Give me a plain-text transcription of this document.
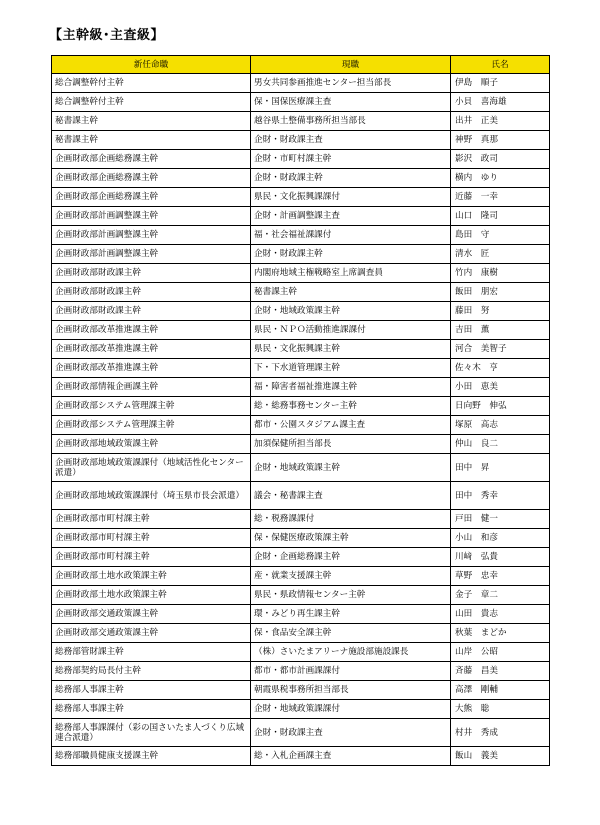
【主幹級･主査級】
新任命職	現職	氏名
総合調整幹付主幹	男女共同参画推進センター担当部長	伊島　順子
総合調整幹付主幹	保・国保医療課主査	小貝　喜海雄
秘書課主幹	越谷県土整備事務所担当部長	出井　正美
秘書課主幹	企財・財政課主査	神野　真那
企画財政部企画総務課主幹	企財・市町村課主幹	影沢　政司
企画財政部企画総務課主幹	企財・財政課主幹	横内　ゆり
企画財政部企画総務課主幹	県民・文化振興課課付	近藤　一幸
企画財政部計画調整課主幹	企財・計画調整課主査	山口　隆司
企画財政部計画調整課主幹	福・社会福祉課課付	島田　守
企画財政部計画調整課主幹	企財・財政課主幹	清水　匠
企画財政部財政課主幹	内閣府地域主権戦略室上席調査員	竹内　康樹
企画財政部財政課主幹	秘書課主幹	飯田　朋宏
企画財政部財政課主幹	企財・地域政策課主幹	藤田　努
企画財政部改革推進課主幹	県民・ＮＰＯ活動推進課課付	吉田　薫
企画財政部改革推進課主幹	県民・文化振興課主幹	河合　美智子
企画財政部改革推進課主幹	下・下水道管理課主幹	佐々木　亨
企画財政部情報企画課主幹	福・障害者福祉推進課主幹	小田　恵美
企画財政部システム管理課主幹	総・総務事務センター主幹	日向野　伸弘
企画財政部システム管理課主幹	都市・公園スタジアム課主査	塚原　高志
企画財政部地域政策課主幹	加須保健所担当部長	仲山　良二
企画財政部地域政策課課付（地域活性化センター派遣）	企財・地域政策課主幹	田中　昇
企画財政部地域政策課課付（埼玉県市長会派遣）	議会・秘書課主査	田中　秀幸
企画財政部市町村課主幹	総・税務課課付	戸田　健一
企画財政部市町村課主幹	保・保健医療政策課主幹	小山　和彦
企画財政部市町村課主幹	企財・企画総務課主幹	川﨑　弘貴
企画財政部土地水政策課主幹	産・就業支援課主幹	草野　忠幸
企画財政部土地水政策課主幹	県民・県政情報センター主幹	金子　章二
企画財政部交通政策課主幹	環・みどり再生課主幹	山田　貴志
企画財政部交通政策課主幹	保・食品安全課主幹	秋葉　まどか
総務部管財課主幹	（株）さいたまアリーナ施設部施設課長	山岸　公昭
総務部契約局長付主幹	都市・都市計画課課付	斉藤　昌美
総務部人事課主幹	朝霞県税事務所担当部長	高澤　剛輔
総務部人事課主幹	企財・地域政策課課付	大熊　聡
総務部人事課課付（彩の国さいたま人づくり広域連合派遣）	企財・財政課主査	村井　秀成
総務部職員健康支援課主幹	総・入札企画課主査	飯山　義美
